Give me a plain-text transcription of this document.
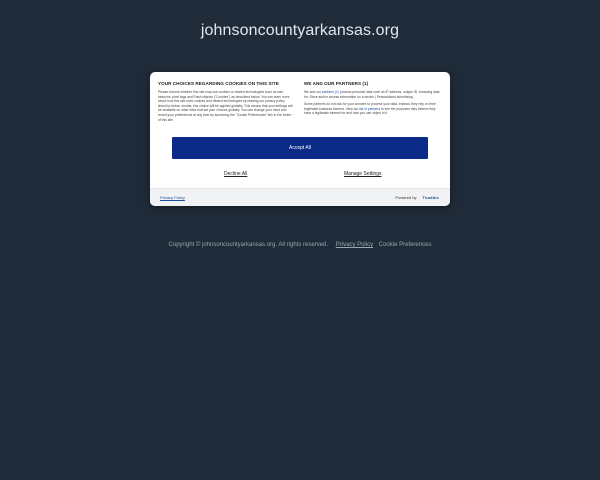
johnsoncountyarkansas.org
YOUR CHOICES REGARDING COOKIES ON THIS SITE

Please choose whether this site may use cookies or related technologies such as web beacons, pixel tags and Flash objects ("Cookies") as described below. You can learn more about how this site uses cookies and related technologies by reading our privacy policy linked to below. Insofar, this choice will be applied globally. This means that your settings will be available on other sites that set your choices globally. You can change your mind and revisit your preferences at any time by accessing the "Cookie Preferences" link in the footer of this site.

WE AND OUR PARTNERS (1)

We and our partners (1) process personal data such as IP address, unique ID, browsing data for: Store and/or access information on a device | Personalised advertising.

Some partners do not ask for your consent to process your data, instead, they rely on their legitimate business interest. View our list of partners to see the purposes they believe they have a legitimate interest for and how you can object to it.

Accept All
Decline All	Manage Settings
Privacy Policy	Powered by TrustArc
Copyright © johnsoncountyarkansas.org. All rights reserved. Privacy Policy Cookie Preferences
